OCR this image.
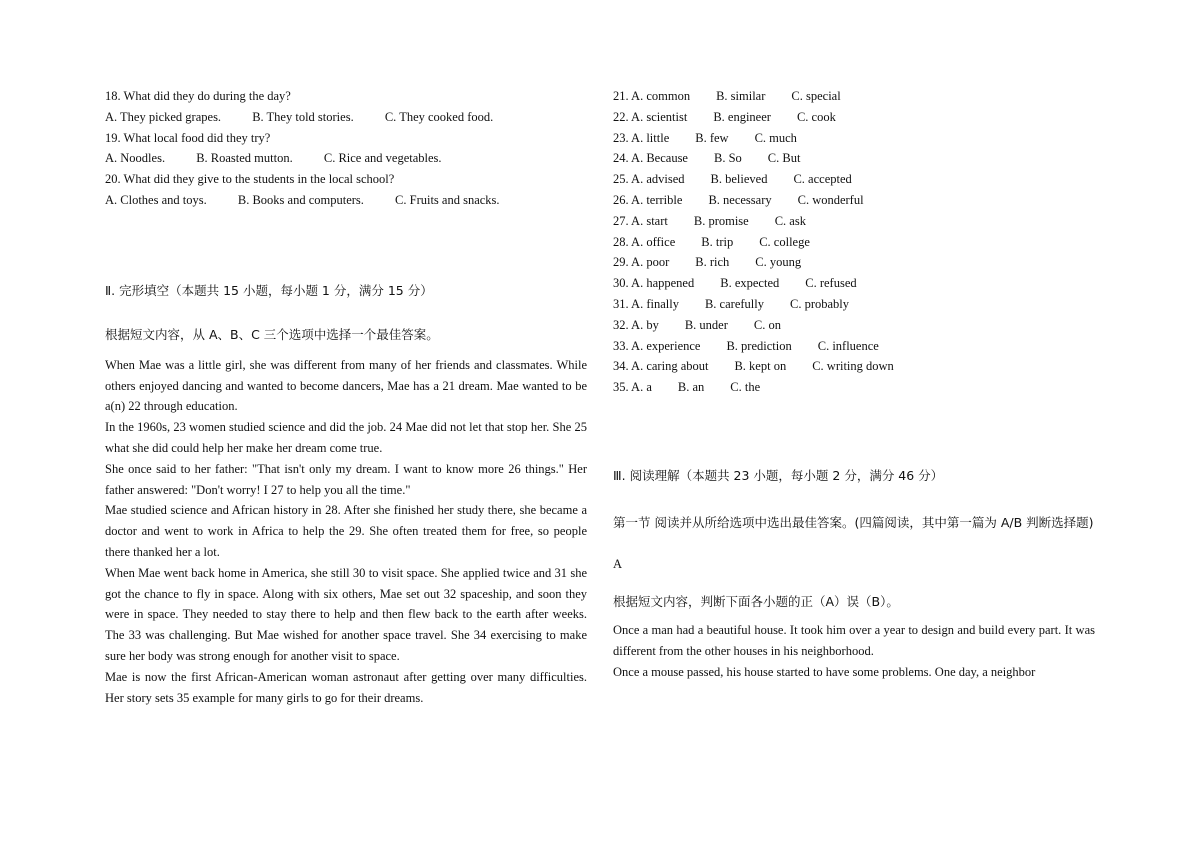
18. What did they do during the day?
A. They picked grapes. B. They told stories. C. They cooked food.
19. What local food did they try?
A. Noodles. B. Roasted mutton. C. Rice and vegetables.
20. What did they give to the students in the local school?
A. Clothes and toys. B. Books and computers. C. Fruits and snacks.
Ⅱ. 完形填空（本题共 15 小题，每小题 1 分，满分 15 分）
根据短文内容，从 A、B、C 三个选项中选择一个最佳答案。

When Mae was a little girl, she was different from many of her friends and classmates. While others enjoyed dancing and wanted to become dancers, Mae has a 21 dream. Mae wanted to be a(n) 22 through education.

In the 1960s, 23 women studied science and did the job. 24 Mae did not let that stop her. She 25 what she did could help her make her dream come true.

She once said to her father: "That isn't only my dream. I want to know more 26 things." Her father answered: "Don't worry! I 27 to help you all the time."

Mae studied science and African history in 28. After she finished her study there, she became a doctor and went to work in Africa to help the 29. She often treated them for free, so people there thanked her a lot.

When Mae went back home in America, she still 30 to visit space. She applied twice and 31 she got the chance to fly in space. Along with six others, Mae set out 32 spaceship, and soon they were in space. They needed to stay there to help and then flew back to the earth after weeks. The 33 was challenging. But Mae wished for another space travel. She 34 exercising to make sure her body was strong enough for another visit to space.

Mae is now the first African-American woman astronaut after getting over many difficulties. Her story sets 35 example for many girls to go for their dreams.

21. A. common B. similar C. special
22. A. scientist B. engineer C. cook
23. A. little B. few C. much
24. A. Because B. So C. But
25. A. advised B. believed C. accepted
26. A. terrible B. necessary C. wonderful
27. A. start B. promise C. ask
28. A. office B. trip C. college
29. A. poor B. rich C. young
30. A. happened B. expected C. refused
31. A. finally B. carefully C. probably
32. A. by B. under C. on
33. A. experience B. prediction C. influence
34. A. caring about B. kept on C. writing down
35. A. a B. an C. the
Ⅲ. 阅读理解（本题共 23 小题，每小题 2 分，满分 46 分）
第一节 阅读并从所给选项中选出最佳答案。(四篇阅读，其中第一篇为 A/B 判断选择题)
A
根据短文内容，判断下面各小题的正（A）误（B）。

Once a man had a beautiful house. It took him over a year to design and build every part. It was different from the other houses in his neighborhood.

Once a mouse passed, his house started to have some problems. One day, a neighbor
